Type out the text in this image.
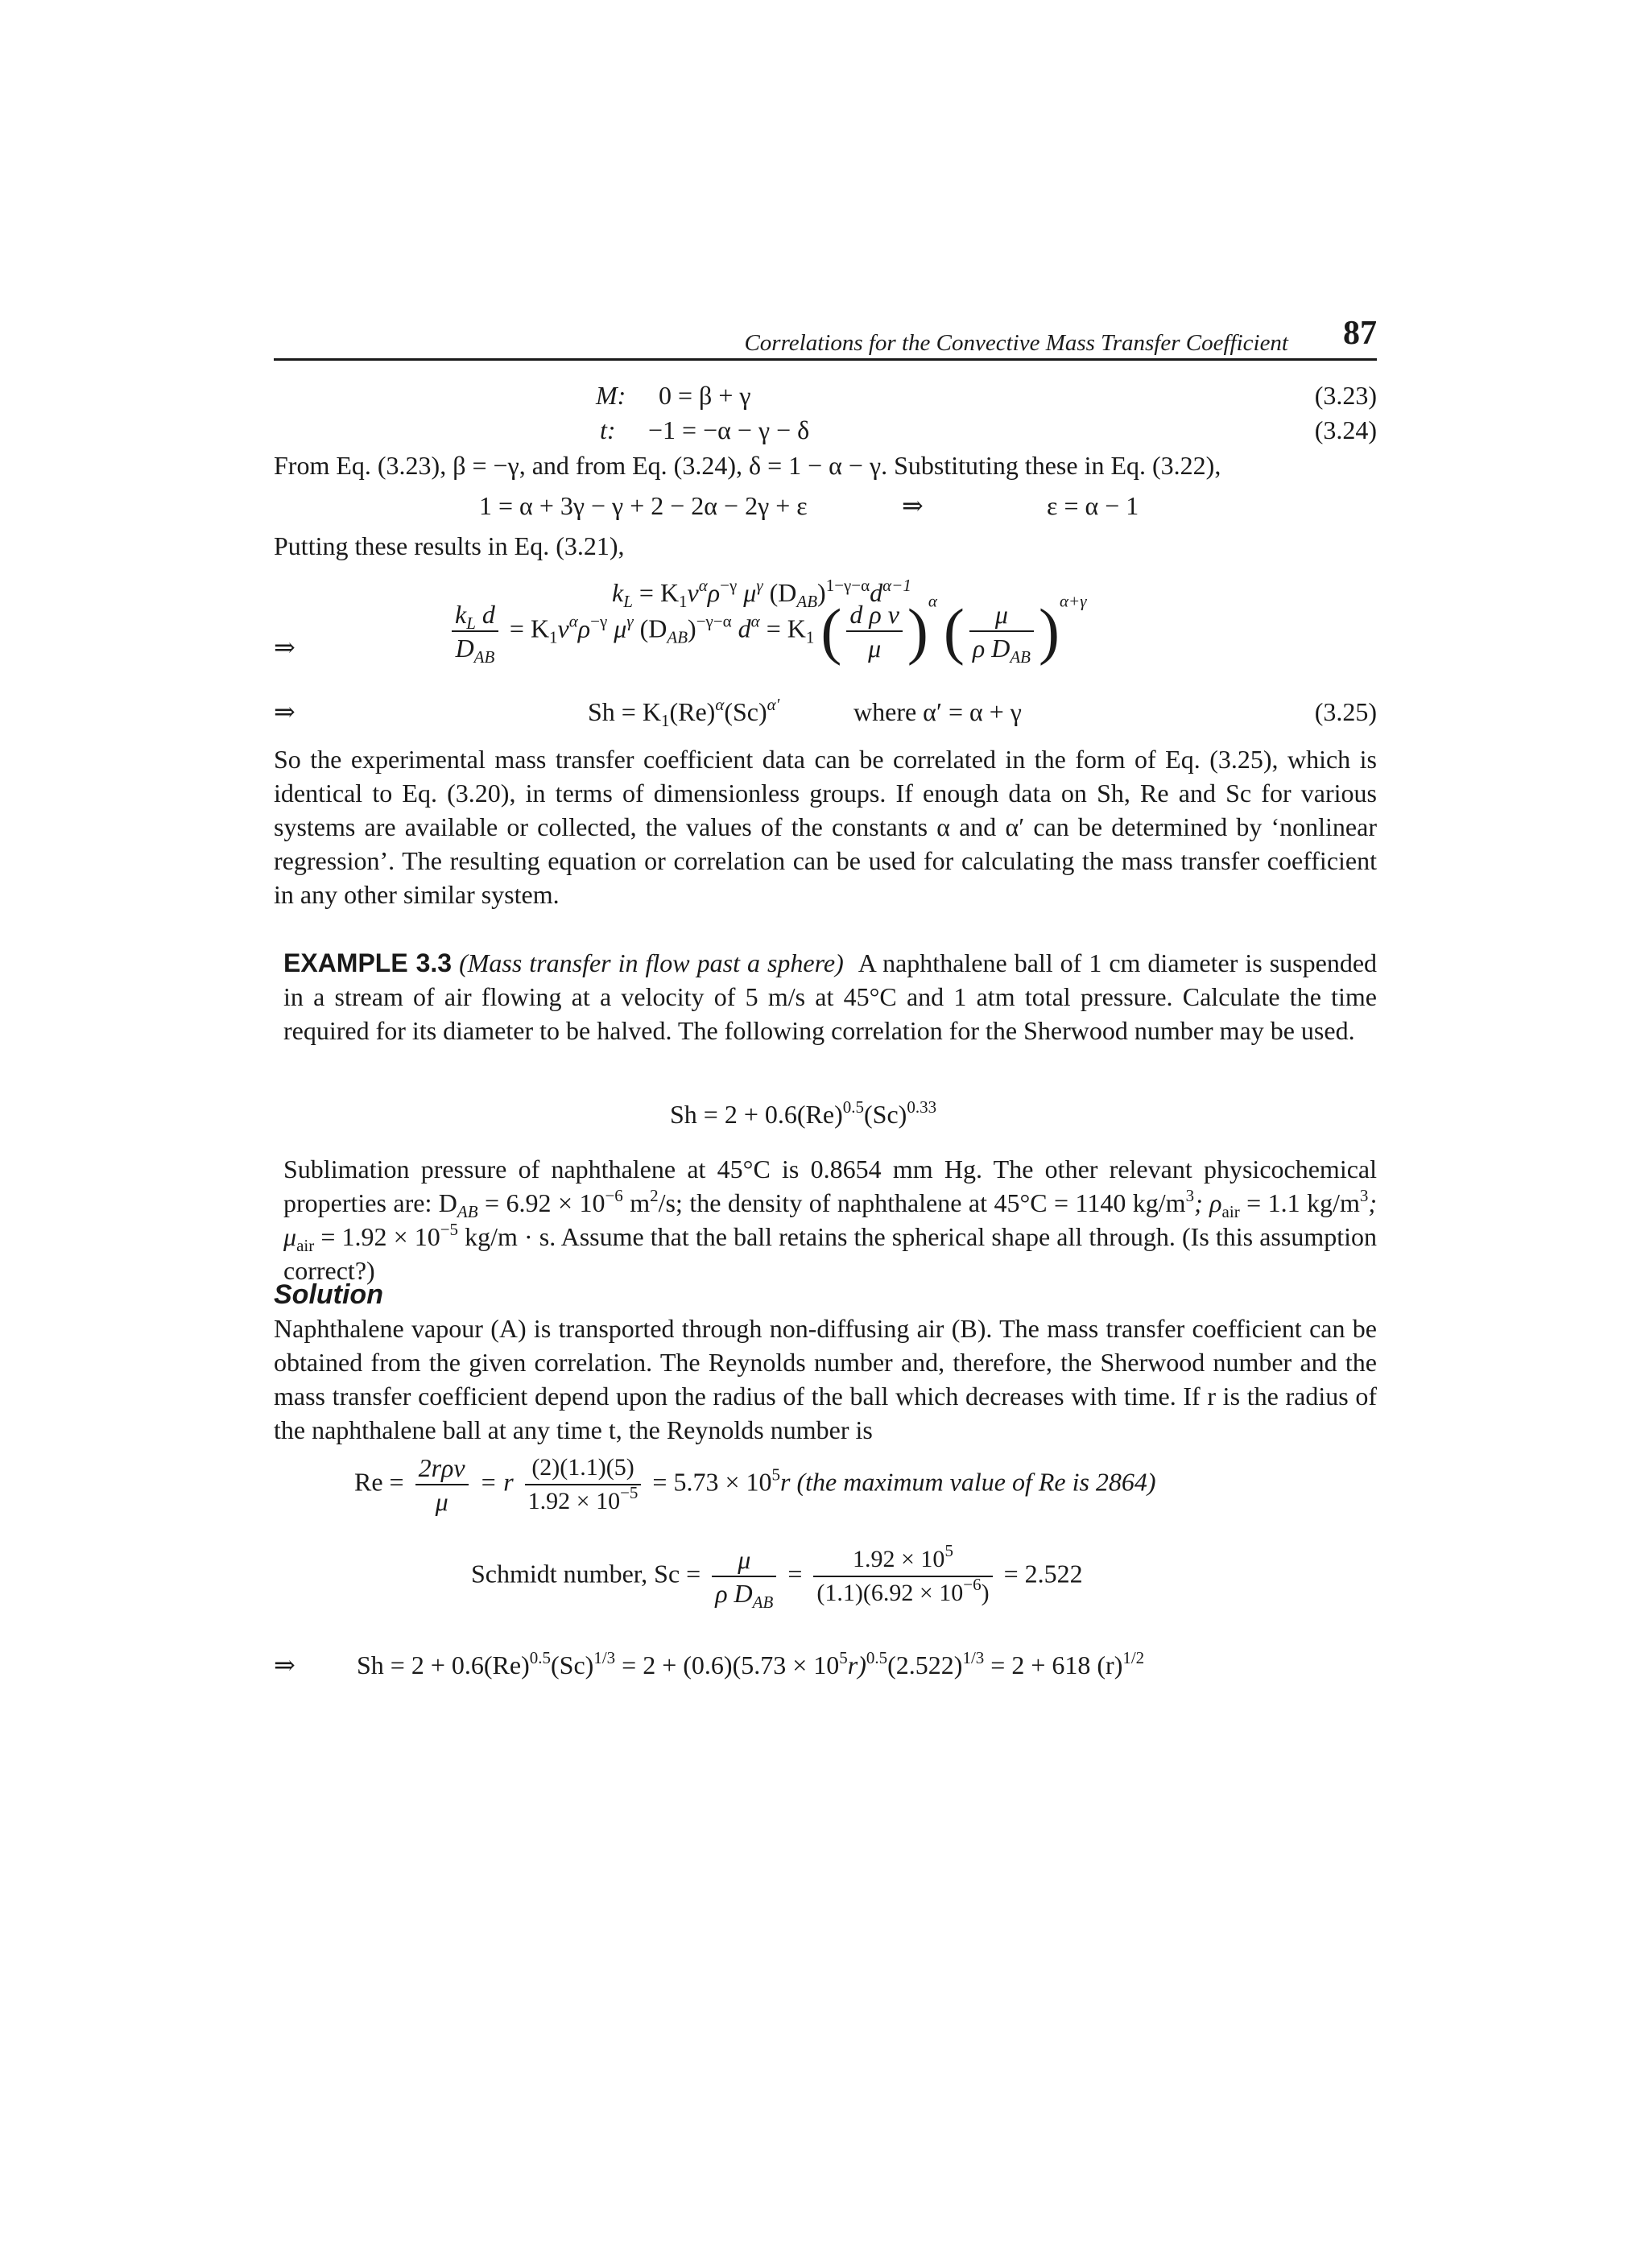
Correlations for the Convective Mass Transfer Coefficient 87
M: 0 = β + γ	(3.23)
t: −1 = −α − γ − δ	(3.24)

From Eq. (3.23), β = −γ, and from Eq. (3.24), δ = 1 − α − γ. Substituting these in Eq. (3.22),

1 = α + 3γ − γ + 2 − 2α − 2γ + ε	⇒	ε = α − 1

Putting these results in Eq. (3.21),

$k_L = K_1v^\alpha\rho^{-\gamma}$ $\mu^\gamma$ $(D_{AB})^{1-\gamma-\alpha}d^{\alpha-1}$
⇒	$\frac{k_L d}{D_{AB}} = K_1v^\alpha\rho^{-\gamma}$ $\mu^\gamma$ $(D_{AB})^{-\gamma-\alpha}$ $d^\alpha = K_1$ ( $\frac{\text{d ρ v}}{\mu} )^\alpha$ ( $\frac{\mu}{\rho D_{AB}} )^{\alpha+\gamma}$
⇒	$Sh = K_1(Re)^\alpha(Sc)^{\alpha'}$	where α′ = α + γ	(3.25)

So the experimental mass transfer coefficient data can be correlated in the form of Eq. (3.25), which is identical to Eq. (3.20), in terms of dimensionless groups. If enough data on Sh, Re and Sc for various systems are available or collected, the values of the constants α and α′ can be determined by ‘nonlinear regression’. The resulting equation or correlation can be used for calculating the mass transfer coefficient in any other similar system.

EXAMPLE 3.3 (Mass transfer in flow past a sphere) A naphthalene ball of 1 cm diameter is suspended in a stream of air flowing at a velocity of 5 m/s at 45°C and 1 atm total pressure. Calculate the time required for its diameter to be halved. The following correlation for the Sherwood number may be used.

$Sh = 2 + 0.6(Re)^{0.5}(Sc)^{0.33}$

Sublimation pressure of naphthalene at 45°C is 0.8654 mm Hg. The other relevant physicochemical properties are: $D_{AB} = 6.92 \times 10^{-6}$ $m^2/s$; the density of naphthalene at 45°C = 1140 $kg/m^3$; $\rho_{air} = 1.1$ $kg/m^3$; $\mu_{air} = 1.92 \times 10^{-5}$ kg/m · s. Assume that the ball retains the spherical shape all through. (Is this assumption correct?)

Solution

Naphthalene vapour (A) is transported through non-diffusing air (B). The mass transfer coefficient can be obtained from the given correlation. The Reynolds number and, therefore, the Sherwood number and the mass transfer coefficient depend upon the radius of the ball which decreases with time. If r is the radius of the naphthalene ball at any time t, the Reynolds number is

$Re = \frac{\text{2rρv}}{\mu} = r \frac{(2)(1.1)(5)}{1.92 \times 10^{-5}} = 5.73 \times 10^5r$ (the maximum value of Re is 2864)
Schmidt number, $Sc = \frac{\mu}{\rho D_{AB}} = \frac{1.92 \times 10^5}{(1.1)(6.92 \times 10^{-6})} = 2.522$
⇒ $Sh = 2 + 0.6(Re)^{0.5}(Sc)^{1/3} = 2 + (0.6)(5.73 \times 10^5r)^{0.5}(2.522)^{1/3} = 2 + 618$ $(r)^{1/2}$
